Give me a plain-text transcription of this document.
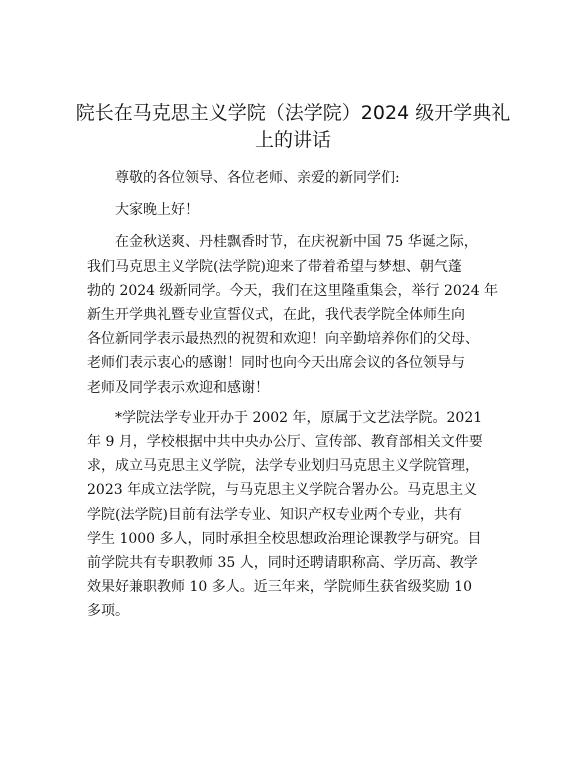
院长在马克思主义学院（法学院）2024 级开学典礼上的讲话

尊敬的各位领导、各位老师、亲爱的新同学们:

大家晚上好！

在金秋送爽、丹桂飘香时节，在庆祝新中国 75 华诞之际，
我们马克思主义学院(法学院)迎来了带着希望与梦想、朝气蓬
勃的 2024 级新同学。今天，我们在这里隆重集会，举行 2024 年
新生开学典礼暨专业宣誓仪式，在此，我代表学院全体师生向
各位新同学表示最热烈的祝贺和欢迎！向辛勤培养你们的父母、
老师们表示衷心的感谢！同时也向今天出席会议的各位领导与
老师及同学表示欢迎和感谢！

*学院法学专业开办于 2002 年，原属于文艺法学院。2021
年 9 月，学校根据中共中央办公厅、宣传部、教育部相关文件要
求，成立马克思主义学院，法学专业划归马克思主义学院管理，
2023 年成立法学院，与马克思主义学院合署办公。马克思主义
学院(法学院)目前有法学专业、知识产权专业两个专业，共有
学生 1000 多人，同时承担全校思想政治理论课教学与研究。目
前学院共有专职教师 35 人，同时还聘请职称高、学历高、教学
效果好兼职教师 10 多人。近三年来，学院师生获省级奖励 10
多项。
